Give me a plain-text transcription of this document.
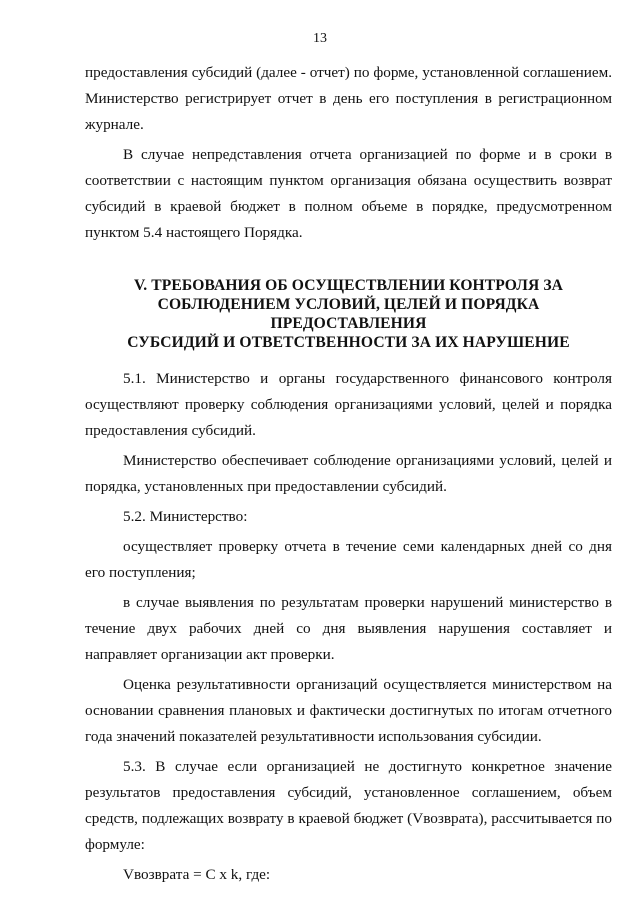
13

предоставления субсидий (далее - отчет) по форме, установленной соглашением. Министерство регистрирует отчет в день его поступления в регистрационном журнале.

В случае непредставления отчета организацией по форме и в сроки в соответствии с настоящим пунктом организация обязана осуществить возврат субсидий в краевой бюджет в полном объеме в порядке, предусмотренном пунктом 5.4 настоящего Порядка.

V. ТРЕБОВАНИЯ ОБ ОСУЩЕСТВЛЕНИИ КОНТРОЛЯ ЗА
СОБЛЮДЕНИЕМ УСЛОВИЙ, ЦЕЛЕЙ И ПОРЯДКА ПРЕДОСТАВЛЕНИЯ
СУБСИДИЙ И ОТВЕТСТВЕННОСТИ ЗА ИХ НАРУШЕНИЕ

5.1. Министерство и органы государственного финансового контроля осуществляют проверку соблюдения организациями условий, целей и порядка предоставления субсидий.

Министерство обеспечивает соблюдение организациями условий, целей и порядка, установленных при предоставлении субсидий.

5.2. Министерство:

осуществляет проверку отчета в течение семи календарных дней со дня его поступления;

в случае выявления по результатам проверки нарушений министерство в течение двух рабочих дней со дня выявления нарушения составляет и направляет организации акт проверки.

Оценка результативности организаций осуществляется министерством на основании сравнения плановых и фактически достигнутых по итогам отчетного года значений показателей результативности использования субсидии.

5.3. В случае если организацией не достигнуто конкретное значение результатов предоставления субсидий, установленное соглашением, объем средств, подлежащих возврату в краевой бюджет (Vвозврата), рассчитывается по формуле:

Vвозврата = C x k, где:
